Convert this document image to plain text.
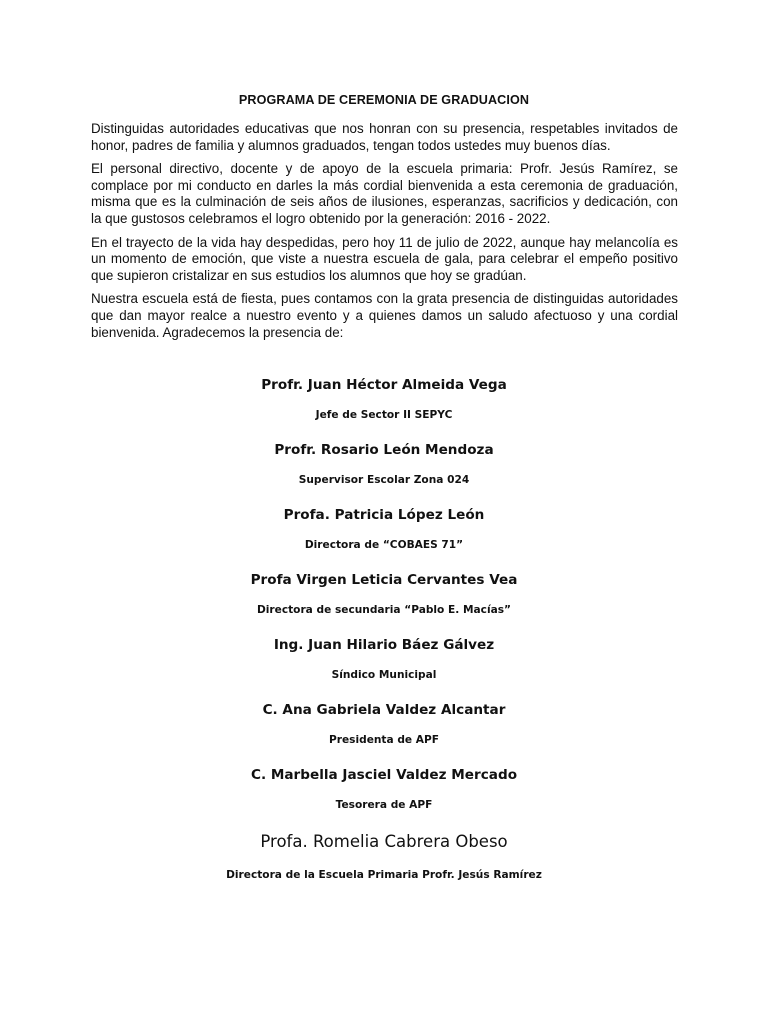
PROGRAMA DE CEREMONIA DE GRADUACION

Distinguidas autoridades educativas que nos honran con su presencia, respetables invitados de honor, padres de familia y alumnos graduados, tengan todos ustedes muy buenos días.

El personal directivo, docente y de apoyo de la escuela primaria: Profr. Jesús Ramírez, se complace por mi conducto en darles la más cordial bienvenida a esta ceremonia de graduación, misma que es la culminación de seis años de ilusiones, esperanzas, sacrificios y dedicación, con la que gustosos celebramos el logro obtenido por la generación: 2016 - 2022.

En el trayecto de la vida hay despedidas, pero hoy 11 de julio de 2022, aunque hay melancolía es un momento de emoción, que viste a nuestra escuela de gala, para celebrar el empeño positivo que supieron cristalizar en sus estudios los alumnos que hoy se gradúan.

Nuestra escuela está de fiesta, pues contamos con la grata presencia de distinguidas autoridades que dan mayor realce a nuestro evento y a quienes damos un saludo afectuoso y una cordial bienvenida. Agradecemos la presencia de:

Profr. Juan Héctor Almeida Vega
Jefe de Sector II SEPYC
Profr. Rosario León Mendoza
Supervisor Escolar Zona 024
Profa. Patricia López León
Directora de “COBAES 71”
Profa Virgen Leticia Cervantes Vea
Directora de secundaria “Pablo E. Macías”
Ing. Juan Hilario Báez Gálvez
Síndico Municipal
C. Ana Gabriela Valdez Alcantar
Presidenta de APF
C. Marbella Jasciel Valdez Mercado
Tesorera de APF
Profa. Romelia Cabrera Obeso
Directora de la Escuela Primaria Profr. Jesús Ramírez
